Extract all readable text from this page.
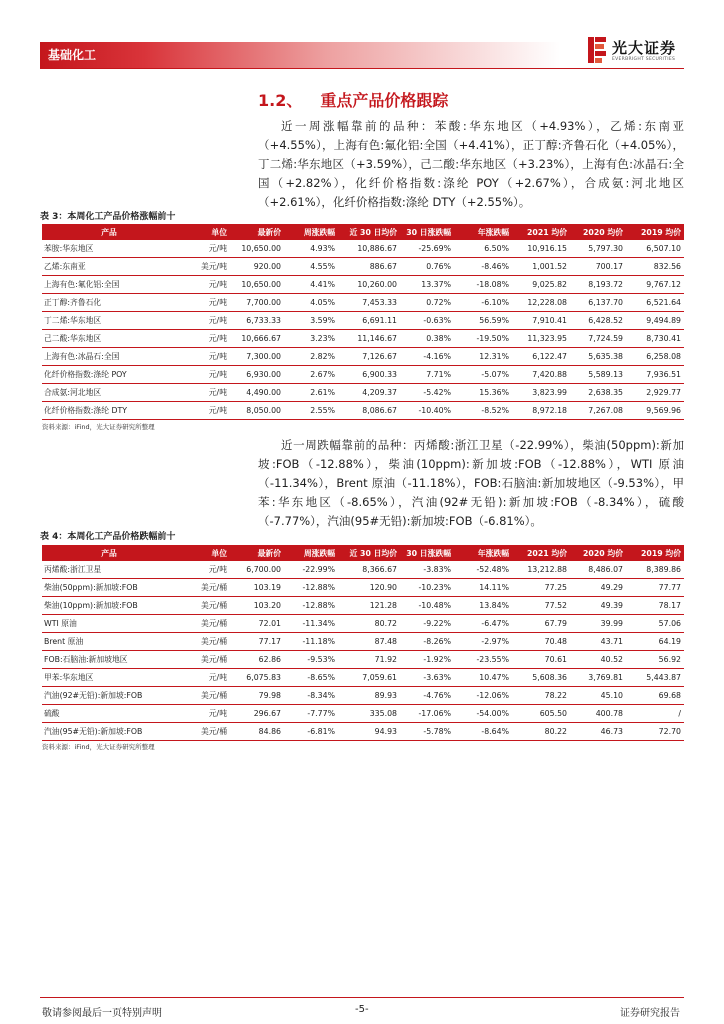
基础化工	光大证券
EVERBRIGHT SECURITIES
1.2、 重点产品价格跟踪
近一周涨幅靠前的品种：苯酸:华东地区（+4.93%），乙烯:东南亚（+4.55%），上海有色:氟化铝:全国（+4.41%），正丁醇:齐鲁石化（+4.05%），丁二烯:华东地区（+3.59%），己二酸:华东地区（+3.23%），上海有色:冰晶石:全国（+2.82%），化纤价格指数:涤纶 POY（+2.67%），合成氨:河北地区（+2.61%），化纤价格指数:涤纶 DTY（+2.55%）。
表 3：本周化工产品价格涨幅前十
产品	单位	最新价	周涨跌幅	近 30 日均价	30 日涨跌幅	年涨跌幅	2021 均价	2020 均价	2019 均价
苯胺:华东地区	元/吨	10,650.00	4.93%	10,886.67	-25.69%	6.50%	10,916.15	5,797.30	6,507.10
乙烯:东南亚	美元/吨	920.00	4.55%	886.67	0.76%	-8.46%	1,001.52	700.17	832.56
上海有色:氟化铝:全国	元/吨	10,650.00	4.41%	10,260.00	13.37%	-18.08%	9,025.82	8,193.72	9,767.12
正丁醇:齐鲁石化	元/吨	7,700.00	4.05%	7,453.33	0.72%	-6.10%	12,228.08	6,137.70	6,521.64
丁二烯:华东地区	元/吨	6,733.33	3.59%	6,691.11	-0.63%	56.59%	7,910.41	6,428.52	9,494.89
己二酸:华东地区	元/吨	10,666.67	3.23%	11,146.67	0.38%	-19.50%	11,323.95	7,724.59	8,730.41
上海有色:冰晶石:全国	元/吨	7,300.00	2.82%	7,126.67	-4.16%	12.31%	6,122.47	5,635.38	6,258.08
化纤价格指数:涤纶 POY	元/吨	6,930.00	2.67%	6,900.33	7.71%	-5.07%	7,420.88	5,589.13	7,936.51
合成氨:河北地区	元/吨	4,490.00	2.61%	4,209.37	-5.42%	15.36%	3,823.99	2,638.35	2,929.77
化纤价格指数:涤纶 DTY	元/吨	8,050.00	2.55%	8,086.67	-10.40%	-8.52%	8,972.18	7,267.08	9,569.96
资料来源：iFind，光大证券研究所整理
近一周跌幅靠前的品种：丙烯酸:浙江卫星（-22.99%），柴油(50ppm):新加坡:FOB（-12.88%），柴油(10ppm):新加坡:FOB（-12.88%），WTI 原油（-11.34%），Brent 原油（-11.18%），FOB:石脑油:新加坡地区（-9.53%），甲苯:华东地区（-8.65%），汽油(92#无铅):新加坡:FOB（-8.34%），硫酸（-7.77%），汽油(95#无铅):新加坡:FOB（-6.81%）。
表 4：本周化工产品价格跌幅前十
产品	单位	最新价	周涨跌幅	近 30 日均价	30 日涨跌幅	年涨跌幅	2021 均价	2020 均价	2019 均价
丙烯酸:浙江卫星	元/吨	6,700.00	-22.99%	8,366.67	-3.83%	-52.48%	13,212.88	8,486.07	8,389.86
柴油(50ppm):新加坡:FOB	美元/桶	103.19	-12.88%	120.90	-10.23%	14.11%	77.25	49.29	77.77
柴油(10ppm):新加坡:FOB	美元/桶	103.20	-12.88%	121.28	-10.48%	13.84%	77.52	49.39	78.17
WTI 原油	美元/桶	72.01	-11.34%	80.72	-9.22%	-6.47%	67.79	39.99	57.06
Brent 原油	美元/桶	77.17	-11.18%	87.48	-8.26%	-2.97%	70.48	43.71	64.19
FOB:石脑油:新加坡地区	美元/桶	62.86	-9.53%	71.92	-1.92%	-23.55%	70.61	40.52	56.92
甲苯:华东地区	元/吨	6,075.83	-8.65%	7,059.61	-3.63%	10.47%	5,608.36	3,769.81	5,443.87
汽油(92#无铅):新加坡:FOB	美元/桶	79.98	-8.34%	89.93	-4.76%	-12.06%	78.22	45.10	69.68
硫酸	元/吨	296.67	-7.77%	335.08	-17.06%	-54.00%	605.50	400.78	/
汽油(95#无铅):新加坡:FOB	美元/桶	84.86	-6.81%	94.93	-5.78%	-8.64%	80.22	46.73	72.70
资料来源：iFind，光大证券研究所整理
敬请参阅最后一页特别声明	-5-	证券研究报告
